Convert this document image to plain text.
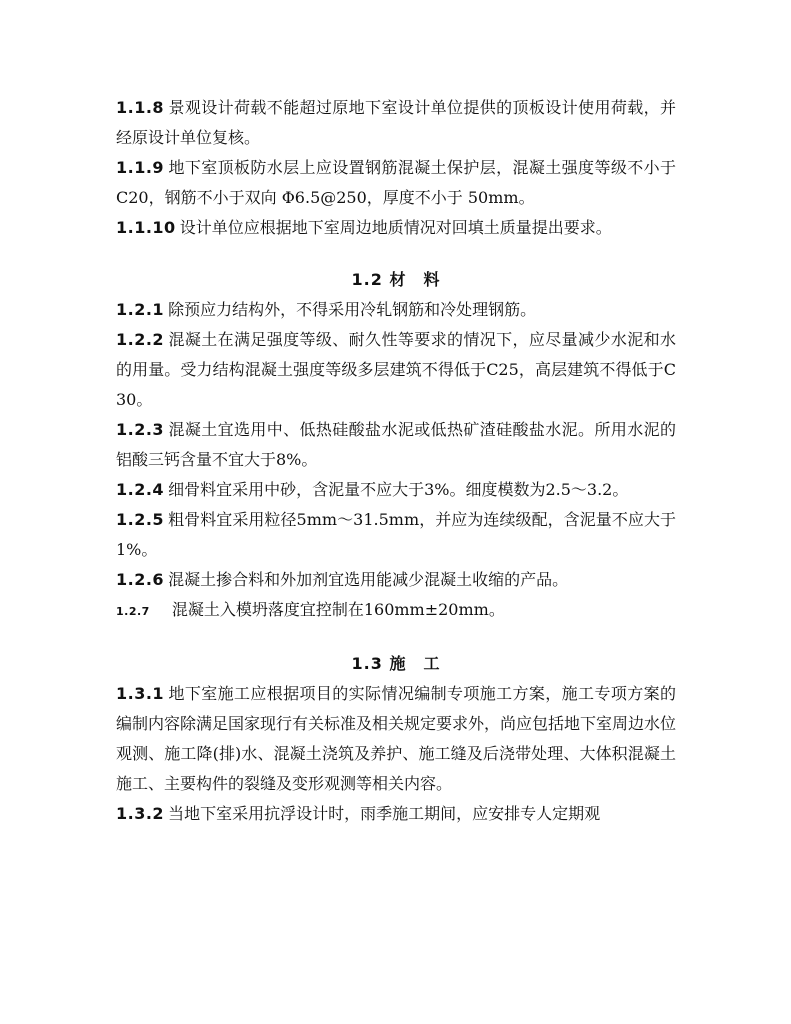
1.1.8 景观设计荷载不能超过原地下室设计单位提供的顶板设计使用荷载，并经原设计单位复核。

1.1.9 地下室顶板防水层上应设置钢筋混凝土保护层，混凝土强度等级不小于C20，钢筋不小于双向 Φ6.5@250，厚度不小于 50mm。

1.1.10 设计单位应根据地下室周边地质情况对回填土质量提出要求。

1.2 材　料

1.2.1 除预应力结构外，不得采用冷轧钢筋和冷处理钢筋。

1.2.2 混凝土在满足强度等级、耐久性等要求的情况下，应尽量减少水泥和水的用量。受力结构混凝土强度等级多层建筑不得低于C25，高层建筑不得低于C30。

1.2.3 混凝土宜选用中、低热硅酸盐水泥或低热矿渣硅酸盐水泥。所用水泥的铝酸三钙含量不宜大于8%。

1.2.4 细骨料宜采用中砂，含泥量不应大于3%。细度模数为2.5～3.2。

1.2.5 粗骨料宜采用粒径5mm～31.5mm，并应为连续级配，含泥量不应大于1%。

1.2.6 混凝土掺合料和外加剂宜选用能减少混凝土收缩的产品。

1.2.7 混凝土入模坍落度宜控制在160mm±20mm。

1.3 施　工

1.3.1 地下室施工应根据项目的实际情况编制专项施工方案，施工专项方案的编制内容除满足国家现行有关标准及相关规定要求外，尚应包括地下室周边水位观测、施工降(排)水、混凝土浇筑及养护、施工缝及后浇带处理、大体积混凝土施工、主要构件的裂缝及变形观测等相关内容。

1.3.2 当地下室采用抗浮设计时，雨季施工期间，应安排专人定期观
